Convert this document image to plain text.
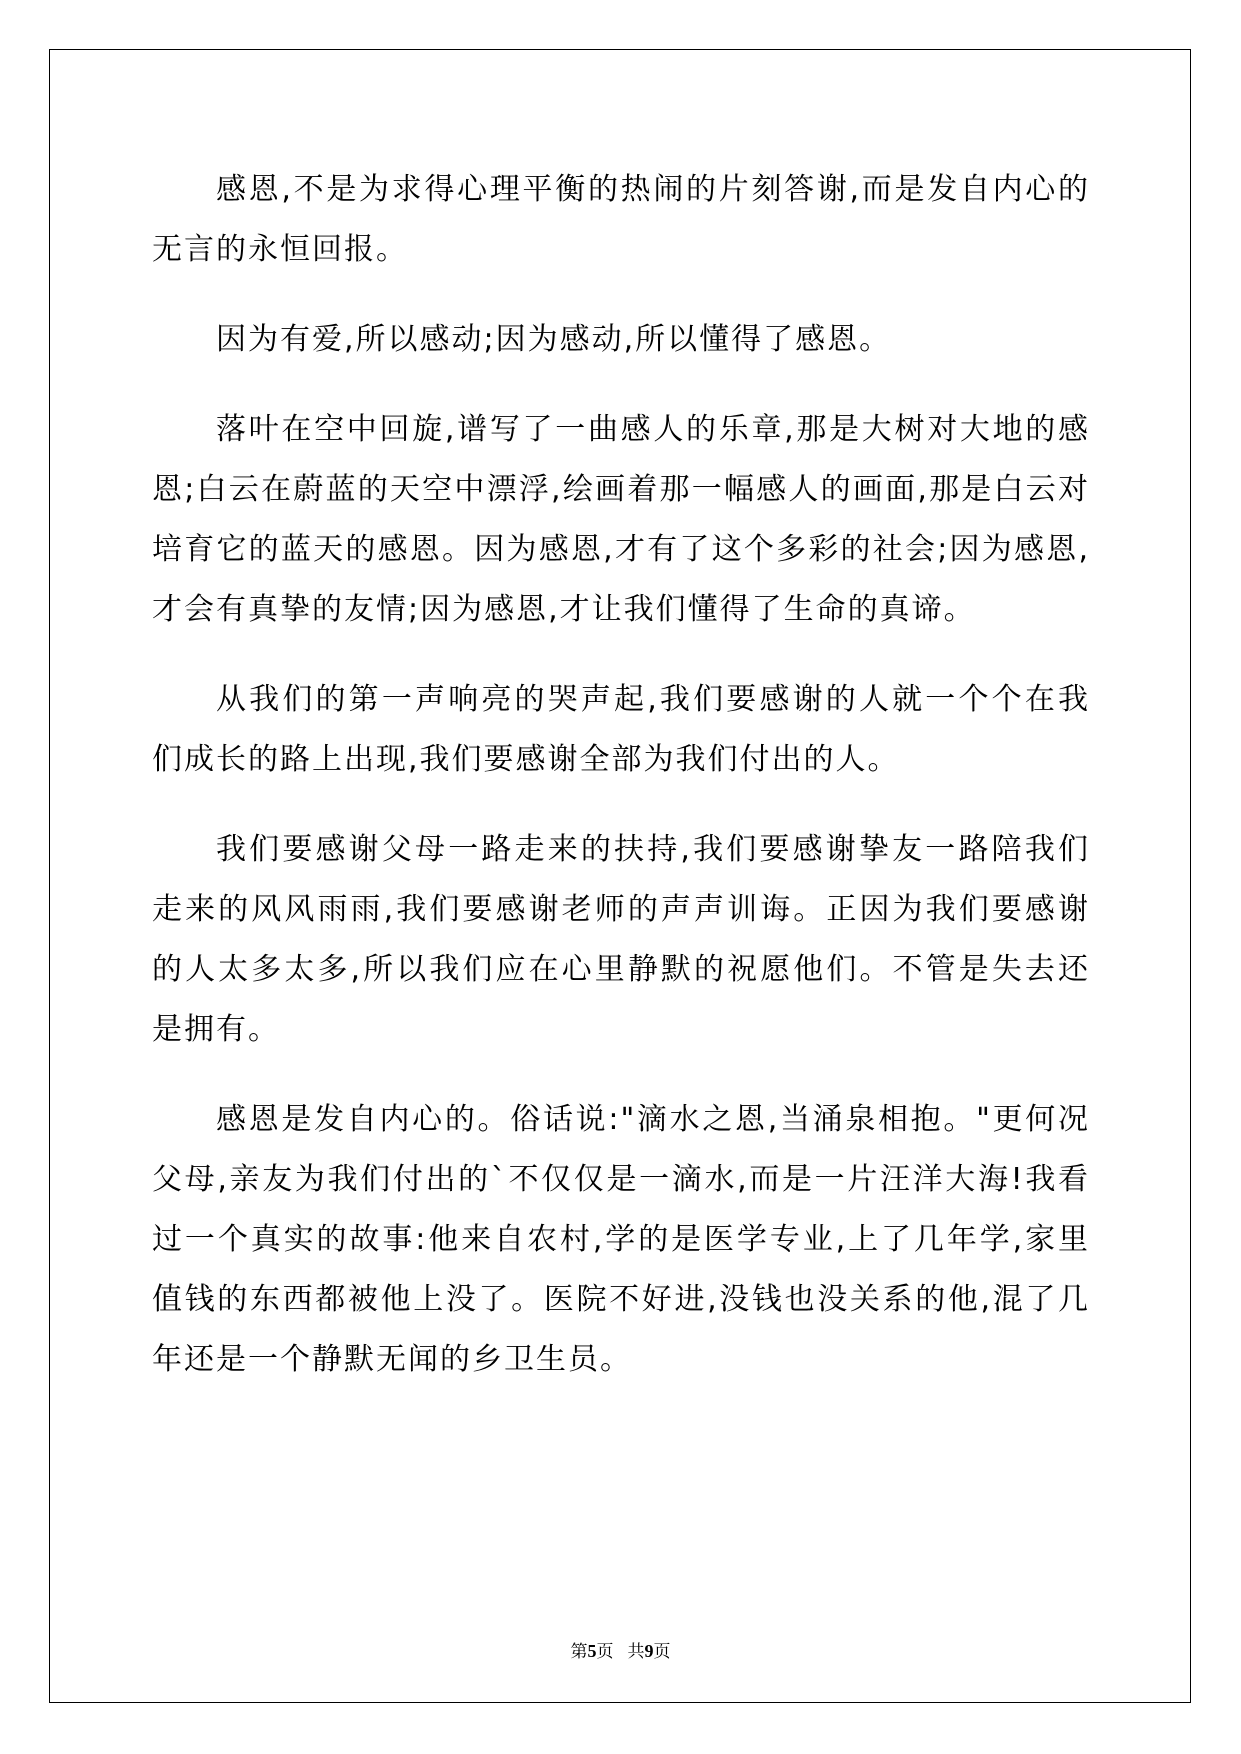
感恩,不是为求得心理平衡的热闹的片刻答谢,而是发自内心的无言的永恒回报。

因为有爱,所以感动;因为感动,所以懂得了感恩。

落叶在空中回旋,谱写了一曲感人的乐章,那是大树对大地的感恩;白云在蔚蓝的天空中漂浮,绘画着那一幅感人的画面,那是白云对培育它的蓝天的感恩。因为感恩,才有了这个多彩的社会;因为感恩,才会有真挚的友情;因为感恩,才让我们懂得了生命的真谛。

从我们的第一声响亮的哭声起,我们要感谢的人就一个个在我们成长的路上出现,我们要感谢全部为我们付出的人。

我们要感谢父母一路走来的扶持,我们要感谢挚友一路陪我们走来的风风雨雨,我们要感谢老师的声声训诲。正因为我们要感谢的人太多太多,所以我们应在心里静默的祝愿他们。不管是失去还是拥有。

感恩是发自内心的。俗话说:"滴水之恩,当涌泉相抱。"更何况父母,亲友为我们付出的`不仅仅是一滴水,而是一片汪洋大海!我看过一个真实的故事:他来自农村,学的是医学专业,上了几年学,家里值钱的东西都被他上没了。医院不好进,没钱也没关系的他,混了几年还是一个静默无闻的乡卫生员。

第5页 共9页
